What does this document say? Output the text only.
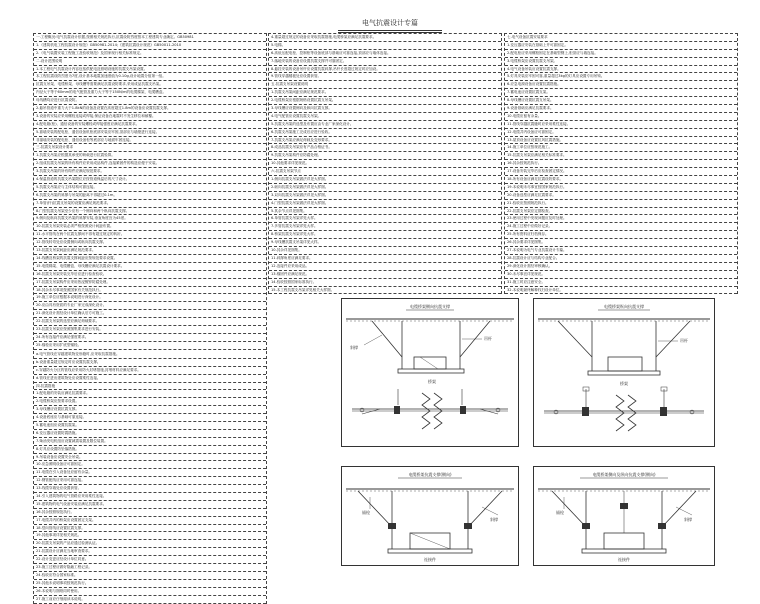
电气抗震设计专篇
一.工程概况:电气抗震设计依据,按照相关规范执行,抗震设防烈度按本工程建筑专业确定。GB50981
1.《建筑机电工程抗震设计规范》GB50981-2014;《建筑抗震设计规范》GB50011-2010
2.《电气装置安装工程施工及验收规范》及国家现行相关标准规定。
二.设计范围说明
1.本工程电气抗震设计内容包括供配电及照明设施的抗震支吊架设置。
本工程抗震设防烈度为7度,设计基本地震加速度值为0.10g,设计地震分组第一组。
抗震支吊架、电缆桥架、母线槽等需要满足抗震设防要求,采用成品抗震支吊架。
内径大于等于60mm的电气配管及重力大于等于150N/m的电缆梯架、电缆槽盒。
母线槽均应进行抗震设防。
2.悬吊管道中重力大于1.8kN的设备及设置在高度超过1.8m的设备应设置抗震支撑。
3.设备的安装应采用螺栓连接或焊接,保证设备在地震时不发生移位和倾覆。
4.配电箱(柜)、通信设备的安装螺栓或焊接强度应满足抗震要求。
5.靠墙安装的配电柜、通信设备机柜底部安装应牢固,顶部应与墙壁进行连接。
非靠墙安装的配电柜、通信设备柜等底部应与地面牢固连接。
三.抗震支吊架设计要求
1.抗震支吊架应根据其承受的荷载进行抗震验算。
2.组成抗震支吊架的所有构件应采用成品构件,连接紧固件的构造应便于安装。
3.抗震支吊架的所有构件应满足规范要求。
4.保温管道的抗震支吊架限位应按管道保温后的尺寸设计。
5.抗震支吊架应与主体结构可靠连接。
6.抗震支吊架的斜撑与吊架的距离不得超过0.1m。
7.单管(杆)抗震支吊架的设置应满足规范要求。
8.门型抗震支吊架至少应有一个侧向和两个纵向抗震支撑。
9.侧向及纵向抗震支吊架的斜撑安装,垂直角度宜为45度。
10.抗震支吊架安装必须严格按照设计间距布置。
11.水平管线在两个抗震支撑间不得有超过规定的转折。
12.管线转弯处应设置侧向或纵向抗震支撑。
13.抗震支吊架间距应满足规范要求。
14.线槽及桥架的抗震支撑间距应按规范要求设置。
15.电缆梯架、电缆槽盒、母线槽应满足抗震设计要求。
16.抗震支吊架安装完毕后应进行检查验收。
17.抗震支吊架构件应采用热浸镀锌防腐处理。
18.其余未尽事项按照国家有关规范执行。
19.施工单位应根据本说明进行深化设计。
20.应由具有资质的专业厂家完成深化设计。
21.深化设计需经设计单位确认后方可施工。
22.抗震支吊架的选型应满足荷载要求。
23.抗震支吊架应按照图集要求进行安装。
24.所有连接件应满足强度要求。
25.锚栓应采用扩底型锚栓。
a.电气管线在穿越建筑物变形缝时,应采取抗震措施。
b.设备重量超过规定时应设置抗震支撑。
c.穿越防火分区的管线应采用防火封堵措施,封堵材料应满足要求。
d.管线在进出建筑物处应设置柔性连接。
四.抗震措施
1.配电箱的安装应满足抗震要求。
2.电缆桥架应按要求设置。
3.母线槽应设置抗震支撑。
4.设备底座应与基础可靠连接。
5.蓄电池组应设置抗震架。
6.变压器应设置防震措施。
7.柴油发电机组应设置减震装置及限位装置。
8.灯具应设置防坠落措施。
9.吊装设备应设置安全吊索。
10.应急照明设备应可靠固定。
11.电缆在引入设备处应留有余量。
12.钢管配线应采用可靠连接。
13.线缆穿墙处应设置套管。
14.引入建筑物的电气管路应采用柔性连接。
15.建筑物的电气设备安装应满足抗震要求。
16.其余按照规范执行。
17.电缆井内的桥架应设置固定支架。
18.竖向管线应设置抗震支撑。
19.其他事项详见相关规范。
20.抗震支吊架的产品应通过检测认证。
21.抗震设计应满足当地审查要求。
22.设计变更应经设计单位同意。
23.施工过程应做好隐蔽工程记录。
24.验收应符合国家标准。
25.其他未说明事项按规范执行。
26.本说明与图纸同时使用。
27.施工前应仔细阅读本说明。
4.重量超过规定的设备应采取抗震措施,电缆桥架应满足抗震要求。
5.电梯。
6.高低压配电柜、控制柜等设备底部与基础应可靠连接,顶部应与墙体连接。
7.落地安装的设备应设置抗震支撑并可靠固定。
8.悬挂安装的设备吊杆应设置抗震斜撑,吊杆长度超过规定时应加设。
9.管线穿越楼板处应设置套管。
五.抗震支吊架设置说明
1.抗震支吊架间距应满足规范要求。
2.电缆桥架应根据规格设置抗震支吊架。
3.母线槽应设置侧向及纵向抗震支撑。
4.电气配管应设置抗震支吊架。
5.抗震支吊架的选型及布置应由专业厂家深化设计。
6.抗震支吊架施工完成后应进行验收。
7.抗震支吊架应满足荷载及变形要求。
8.成品抗震支吊架应有产品合格证书。
9.抗震支吊架构件应防腐处理。
10.其他要求详见规范。
六.抗震支吊架节点
1.侧向抗震支吊架做法详见大样图。
2.纵向抗震支吊架做法详见大样图。
3.双向抗震支吊架做法详见大样图。
4.门型抗震支吊架做法详见大样图。
5.其余节点详见图集。
6.单管抗震支吊架详见大样。
7.多管抗震支吊架详见大样。
8.桥架抗震支吊架详见大样。
9.母线槽抗震支吊架详见大样。
10.其余详见图集。
11.斜撑角度应满足要求。
12.连接件应采用成品。
13.锚固件应满足规范。
14.验收按照国家标准执行。
15.本工程抗震支吊架详见相关大样图。
七.电气设备抗震安装要求
1.变压器应安装在基础上并可靠固定。
2.配电柜应采用螺栓固定在基础型钢上,柜顶应与墙连接。
3.电缆桥架应设置抗震支吊架。
4.电气设备吊装应设置抗震支撑。
5.灯具安装应牢固可靠,重量超过3kg的灯具应设置专用吊钩。
6.应急电源设备应设置抗震措施。
7.蓄电池应设置抗震支架。
8.母线槽应设置抗震支吊架。
9.设备基础应满足抗震要求。
10.电缆应留有余量。
11.管线穿越抗震缝时应采用柔性连接。
12.电缆井内设备应可靠固定。
13.屋顶设备应设置抗风抗震措施。
14.施工单位应按规范施工。
15.抗震支吊架应满足相关标准要求。
16.其余按规范执行。
17.设备安装完毕后应检查固定情况。
18.所有设备应满足抗震设防要求。
19.本说明未尽事宜按国家规范执行。
20.设备选型应满足抗震要求。
21.验收应按照规范执行。
22.抗震支吊架应定期检查。
23.使用过程中发现问题应及时处理。
24.施工过程中应做好记录。
25.所有资料应归档保存。
26.其余要求详见图集。
27.本说明为电气专业抗震设计专篇。
28.抗震设计应与结构专业配合。
29.深化设计需经审核确认。
30.未尽事宜详见规范。
31.施工时应注意安全。
32.本说明最终解释权归设计单位。
电缆桥架侧向抗震支撑
吊杆
斜撑
桥架
电缆桥架纵向抗震支撑
吊杆
桥架
电缆桥架抗震支撑(侧向)
锚栓
斜撑
连接件
电缆桥架侧向及纵向抗震支撑(侧向)
锚栓
斜撑
连接件
